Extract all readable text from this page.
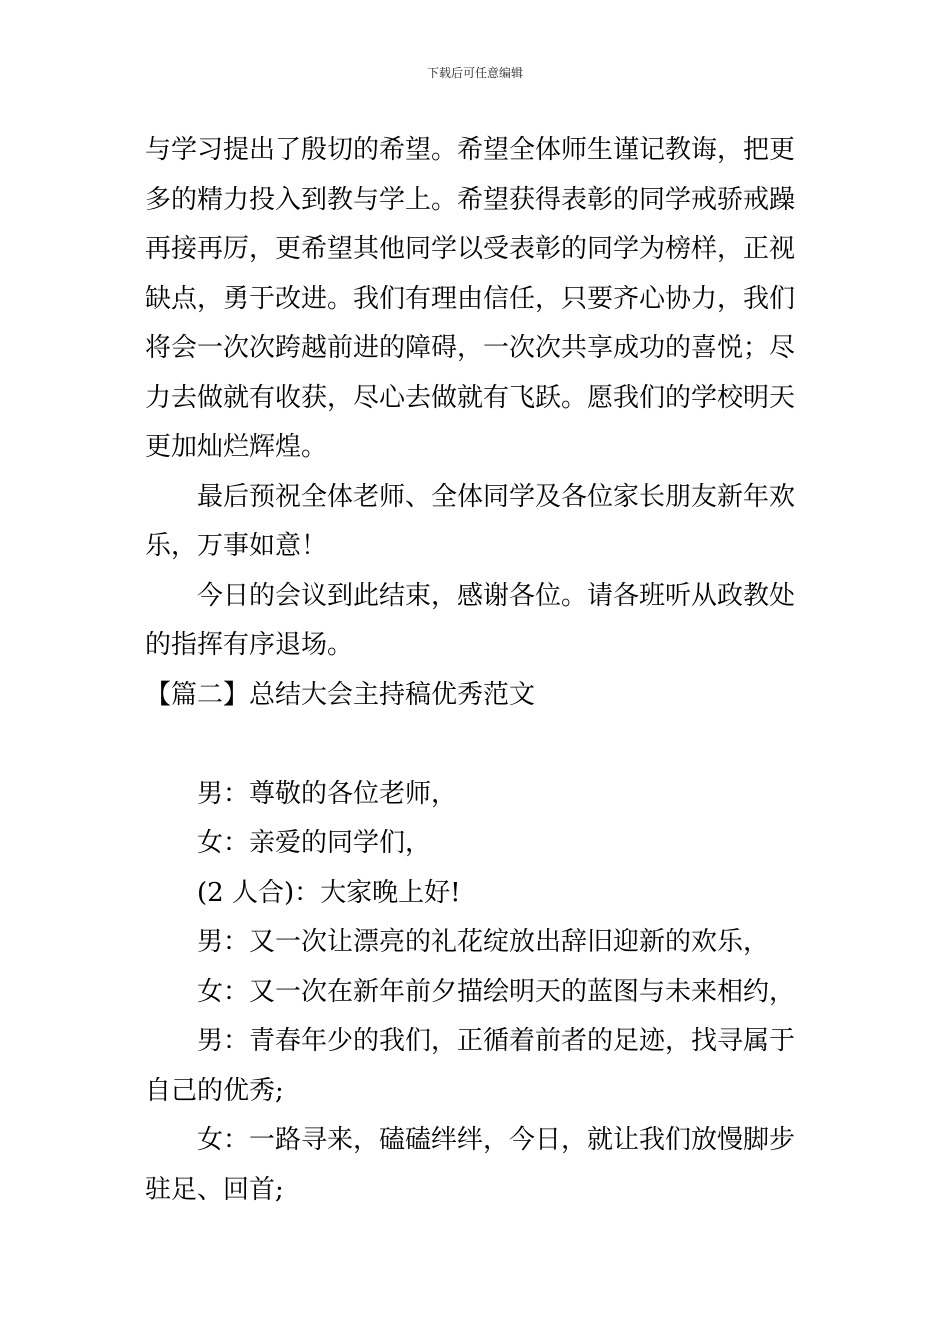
下载后可任意编辑
与学习提出了殷切的希望。希望全体师生谨记教诲，把更
多的精力投入到教与学上。希望获得表彰的同学戒骄戒躁
再接再厉，更希望其他同学以受表彰的同学为榜样，正视
缺点，勇于改进。我们有理由信任，只要齐心协力，我们
将会一次次跨越前进的障碍，一次次共享成功的喜悦；尽
力去做就有收获，尽心去做就有飞跃。愿我们的学校明天
更加灿烂辉煌。
最后预祝全体老师、全体同学及各位家长朋友新年欢
乐，万事如意！
今日的会议到此结束，感谢各位。请各班听从政教处
的指挥有序退场。
【篇二】总结大会主持稿优秀范文
男：尊敬的各位老师，
女：亲爱的同学们，
(2 人合)：大家晚上好!
男：又一次让漂亮的礼花绽放出辞旧迎新的欢乐，
女：又一次在新年前夕描绘明天的蓝图与未来相约，
男：青春年少的我们，正循着前者的足迹，找寻属于
自己的优秀;
女：一路寻来，磕磕绊绊，今日，就让我们放慢脚步
驻足、回首;
